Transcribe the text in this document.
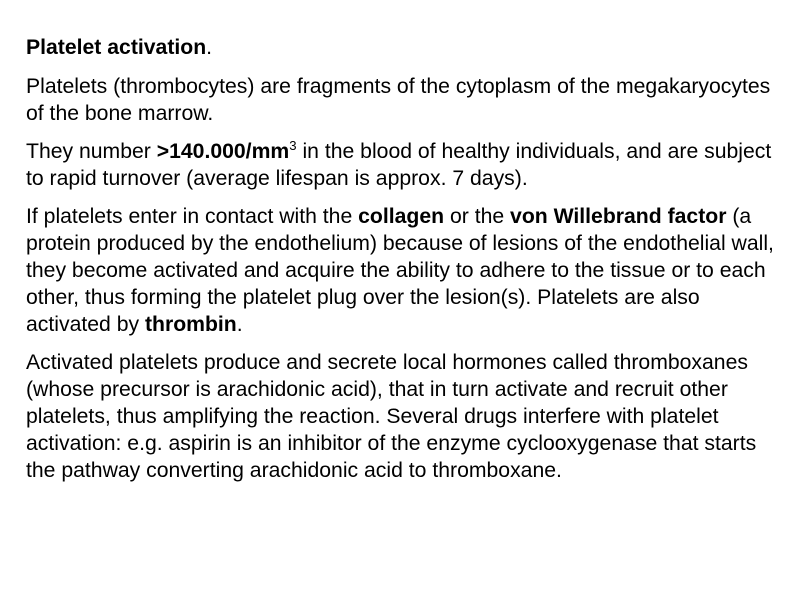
Platelet activation.

Platelets (thrombocytes) are fragments of the cytoplasm of the megakaryocytes of the bone marrow.

They number $>140.000/mm^3$ in the blood of healthy individuals, and are subject to rapid turnover (average lifespan is approx. 7 days).

If platelets enter in contact with the collagen or the von Willebrand factor (a protein produced by the endothelium) because of lesions of the endothelial wall, they become activated and acquire the ability to adhere to the tissue or to each other, thus forming the platelet plug over the lesion(s). Platelets are also activated by thrombin.

Activated platelets produce and secrete local hormones called thromboxanes (whose precursor is arachidonic acid), that in turn activate and recruit other platelets, thus amplifying the reaction. Several drugs interfere with platelet activation: e.g. aspirin is an inhibitor of the enzyme cyclooxygenase that starts the pathway converting arachidonic acid to thromboxane.
